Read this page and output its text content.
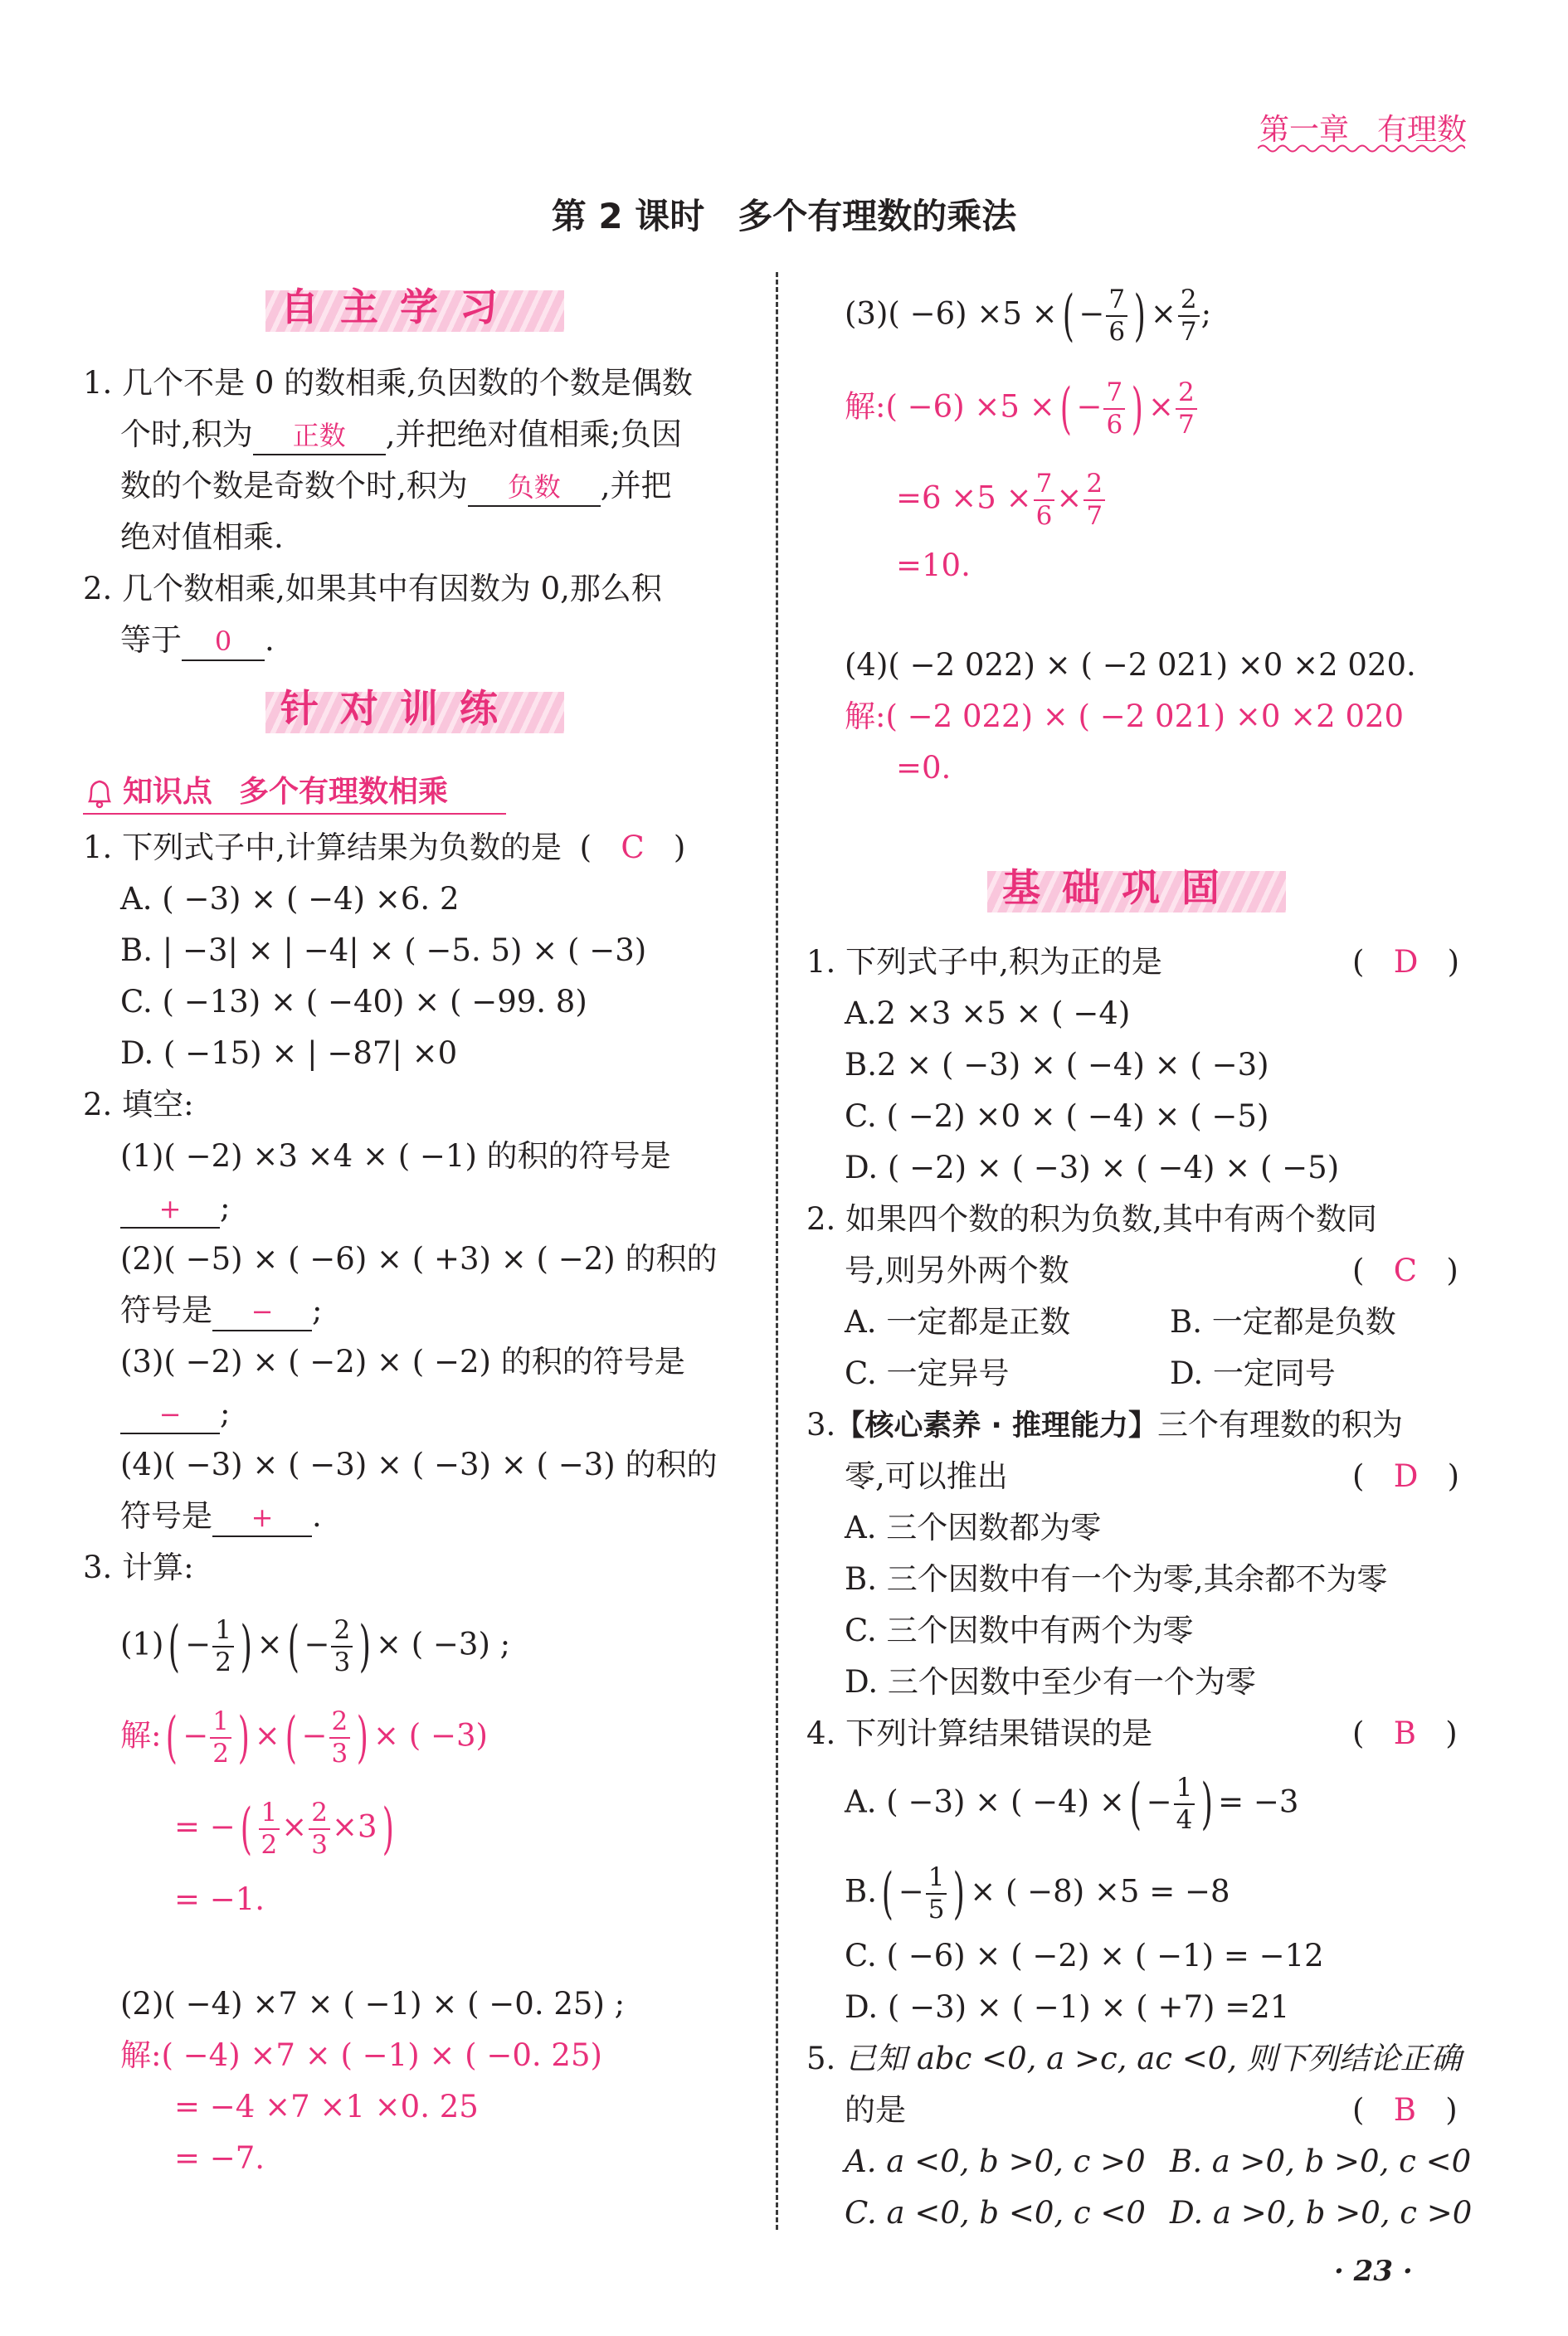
第一章 有理数
第 2 课时 多个有理数的乘法
自主学习
1. 几个不是 0 的数相乘,负因数的个数是偶数
个时,积为 正数 ,并把绝对值相乘;负因
数的个数是奇数个时,积为 负数 ,并把
绝对值相乘.
2. 几个数相乘,如果其中有因数为 0,那么积
等于 0 .
针对训练
知识点 多个有理数相乘
1. 下列式子中,计算结果为负数的是 (   C   )
A. ( −3) × ( −4) ×6. 2
B. | −3| × | −4| × ( −5. 5) × ( −3)
C. ( −13) × ( −40) × ( −99. 8)
D. ( −15) × | −87| ×0
2. 填空:
(1)( −2) ×3 ×4 × ( −1) 的积的符号是
+ ;
(2)( −5) × ( −6) × ( +3) × ( −2) 的积的
符号是 − ;
(3)( −2) × ( −2) × ( −2) 的积的符号是
− ;
(4)( −3) × ( −3) × ( −3) × ( −3) 的积的
符号是 + .
3. 计算:
$(1)( - \frac{1}{2}$ ) ×( − $\frac{2}{3}$ ) × ( −3) ;
解:( − $\frac{1}{2}$ ) ×( − $\frac{2}{3}$ ) × ( −3)
= −( $\frac{1}{2} \times \frac{2}{3} \times 3$)
= −1.
(2)( −4) ×7 × ( −1) × ( −0. 25) ;
解:( −4) ×7 × ( −1) × ( −0. 25)
= −4 ×7 ×1 ×0. 25
= −7.
(3)( −6) ×5 ×( − $\frac{7}{6}$ ) × $\frac{2}{7}$ ;
解:( −6) ×5 ×( − $\frac{7}{6}$ ) × $\frac{2}{7}$
$=6 \times 5 \times \frac{7}{6} \times \frac{2}{7}$
=10.
(4)( −2 022) × ( −2 021) ×0 ×2 020.
解:( −2 022) × ( −2 021) ×0 ×2 020
=0.
基础巩固
1. 下列式子中,积为正的是	(   D   )
A.2 ×3 ×5 × ( −4)
B.2 × ( −3) × ( −4) × ( −3)
C. ( −2) ×0 × ( −4) × ( −5)
D. ( −2) × ( −3) × ( −4) × ( −5)
2. 如果四个数的积为负数,其中有两个数同
号,则另外两个数	(   C   )
A. 一定都是正数	B. 一定都是负数
C. 一定异号	D. 一定同号
3.【核心素养 · 推理能力】三个有理数的积为
零,可以推出	(   D   )
A. 三个因数都为零
B. 三个因数中有一个为零,其余都不为零
C. 三个因数中有两个为零
D. 三个因数中至少有一个为零
4. 下列计算结果错误的是	(   B   )
A. ( −3) × ( −4) ×( − $\frac{1}{4}$ ) = −3
$B.( - \frac{1}{5}$ ) × ( −8) ×5 = −8
C. ( −6) × ( −2) × ( −1) = −12
D. ( −3) × ( −1) × ( +7) =21
5. 已知 abc <0, a >c, ac <0, 则下列结论正确
的是	(   B   )
A. a <0, b >0, c >0 B. a >0, b >0, c <0
C. a <0, b <0, c <0 D. a >0, b >0, c >0
· 23 ·
